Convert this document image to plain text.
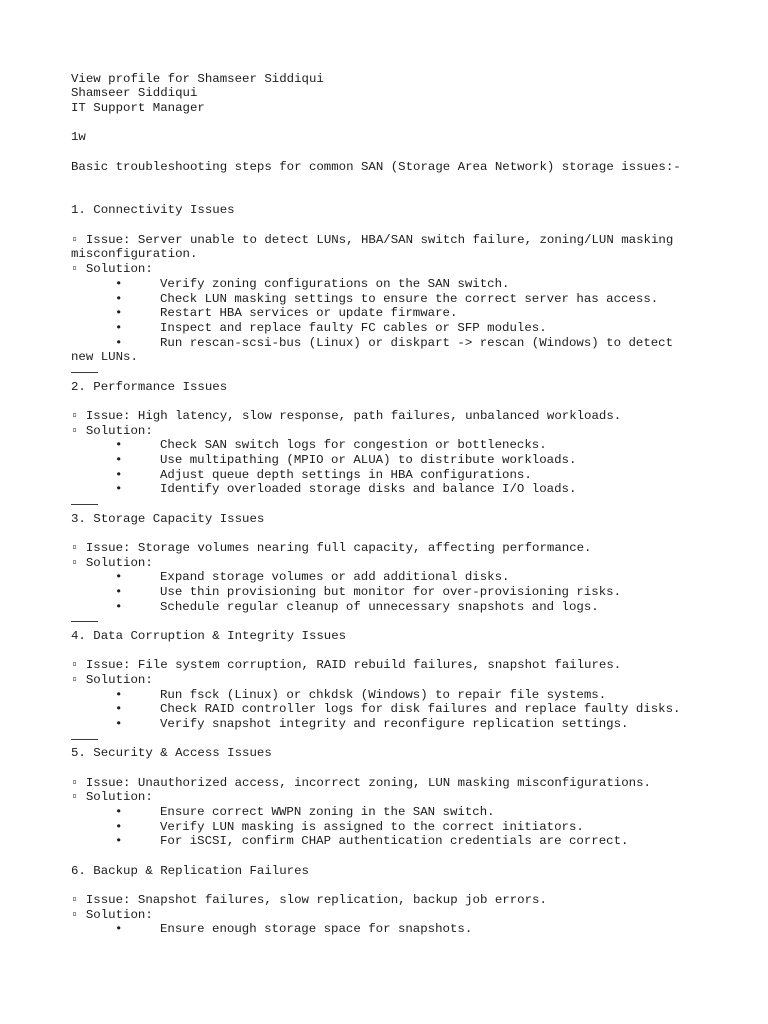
View profile for Shamseer Siddiqui
Shamseer Siddiqui
IT Support Manager
1w
Basic troubleshooting steps for common SAN (Storage Area Network) storage issues:-
1. Connectivity Issues
▫ Issue: Server unable to detect LUNs, HBA/SAN switch failure, zoning/LUN masking misconfiguration.
▫ Solution:
•	Verify zoning configurations on the SAN switch.
•	Check LUN masking settings to ensure the correct server has access.
•	Restart HBA services or update firmware.
•	Inspect and replace faulty FC cables or SFP modules.
•	Run rescan-scsi-bus (Linux) or diskpart -> rescan (Windows) to detect new LUNs.
2. Performance Issues
▫ Issue: High latency, slow response, path failures, unbalanced workloads.
▫ Solution:
•	Check SAN switch logs for congestion or bottlenecks.
•	Use multipathing (MPIO or ALUA) to distribute workloads.
•	Adjust queue depth settings in HBA configurations.
•	Identify overloaded storage disks and balance I/O loads.
3. Storage Capacity Issues
▫ Issue: Storage volumes nearing full capacity, affecting performance.
▫ Solution:
•	Expand storage volumes or add additional disks.
•	Use thin provisioning but monitor for over-provisioning risks.
•	Schedule regular cleanup of unnecessary snapshots and logs.
4. Data Corruption & Integrity Issues
▫ Issue: File system corruption, RAID rebuild failures, snapshot failures.
▫ Solution:
•	Run fsck (Linux) or chkdsk (Windows) to repair file systems.
•	Check RAID controller logs for disk failures and replace faulty disks.
•	Verify snapshot integrity and reconfigure replication settings.
5. Security & Access Issues
▫ Issue: Unauthorized access, incorrect zoning, LUN masking misconfigurations.
▫ Solution:
•	Ensure correct WWPN zoning in the SAN switch.
•	Verify LUN masking is assigned to the correct initiators.
•	For iSCSI, confirm CHAP authentication credentials are correct.
6. Backup & Replication Failures
▫ Issue: Snapshot failures, slow replication, backup job errors.
▫ Solution:
•	Ensure enough storage space for snapshots.
